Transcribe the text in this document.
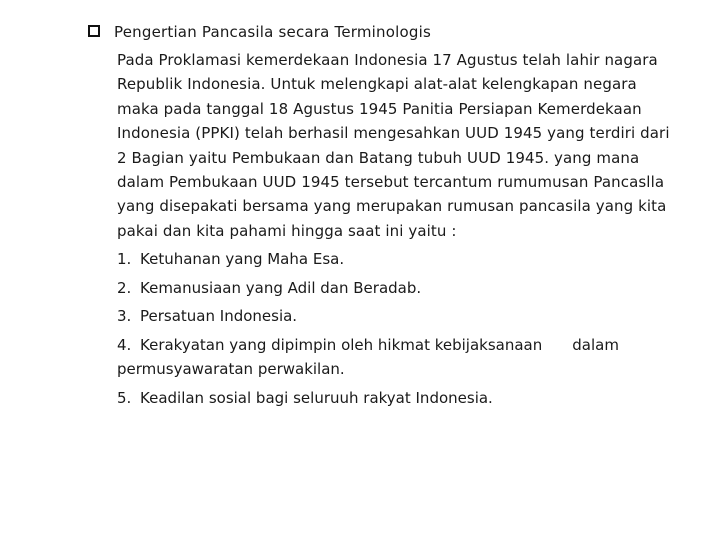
Pengertian Pancasila secara Terminologis

Pada Proklamasi kemerdekaan Indonesia 17 Agustus telah lahir nagara

Republik Indonesia. Untuk melengkapi alat-alat kelengkapan negara

maka pada tanggal 18 Agustus 1945 Panitia Persiapan Kemerdekaan

Indonesia (PPKI) telah berhasil mengesahkan UUD 1945 yang terdiri dari

2 Bagian yaitu Pembukaan dan Batang tubuh UUD 1945. yang mana

dalam Pembukaan UUD 1945 tersebut tercantum rumumusan Pancaslla

yang disepakati bersama yang merupakan rumusan pancasila yang kita

pakai dan kita pahami hingga saat ini yaitu :

1. Ketuhanan yang Maha Esa.
2. Kemanusiaan yang Adil dan Beradab.
3. Persatuan Indonesia.
4. Kerakyatan yang dipimpin oleh hikmat kebijaksanaan dalam
permusyawaratan perwakilan.
5. Keadilan sosial bagi seluruuh rakyat Indonesia.
